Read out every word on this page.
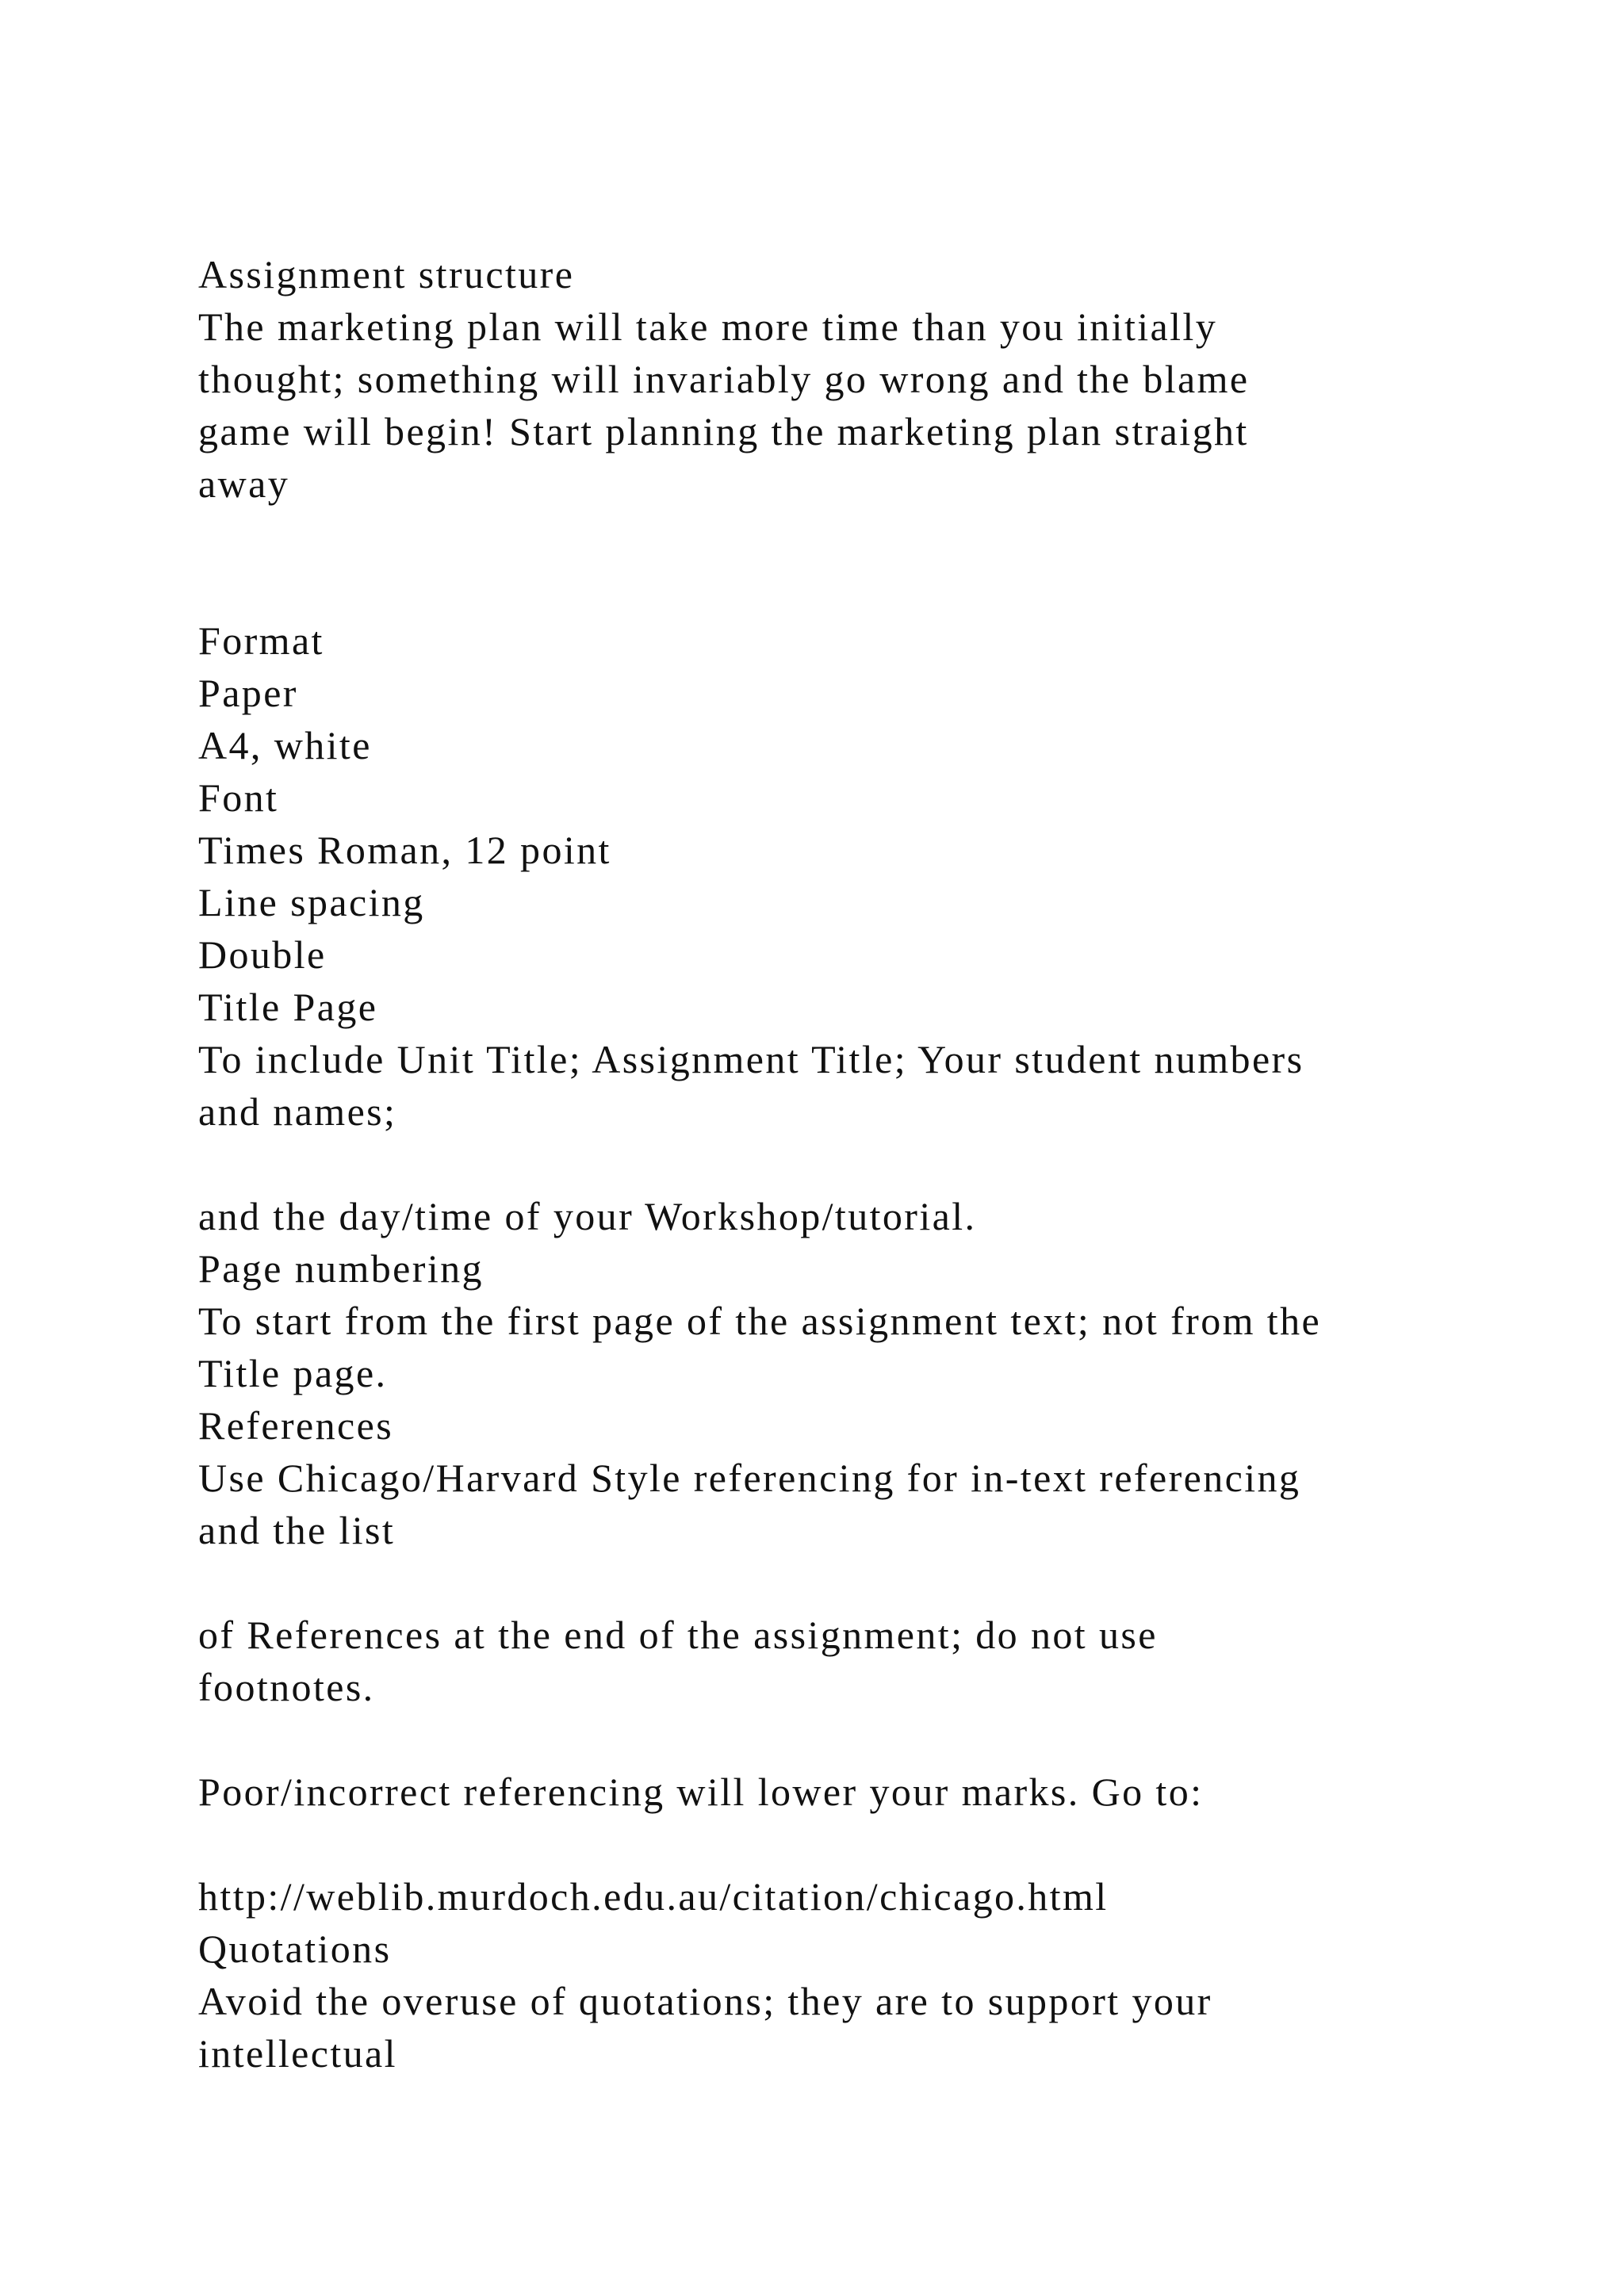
Assignment structure
The marketing plan will take more time than you initially
thought; something will invariably go wrong and the blame
game will begin! Start planning the marketing plan straight
away
Format
Paper
A4, white
Font
Times Roman, 12 point
Line spacing
Double
Title Page
To include Unit Title; Assignment Title; Your student numbers
and names;
and the day/time of your Workshop/tutorial.
Page numbering
To start from the first page of the assignment text; not from the
Title page.
References
Use Chicago/Harvard Style referencing for in-text referencing
and the list
of References at the end of the assignment; do not use
footnotes.
Poor/incorrect referencing will lower your marks. Go to:
http://weblib.murdoch.edu.au/citation/chicago.html
Quotations
Avoid the overuse of quotations; they are to support your
intellectual
